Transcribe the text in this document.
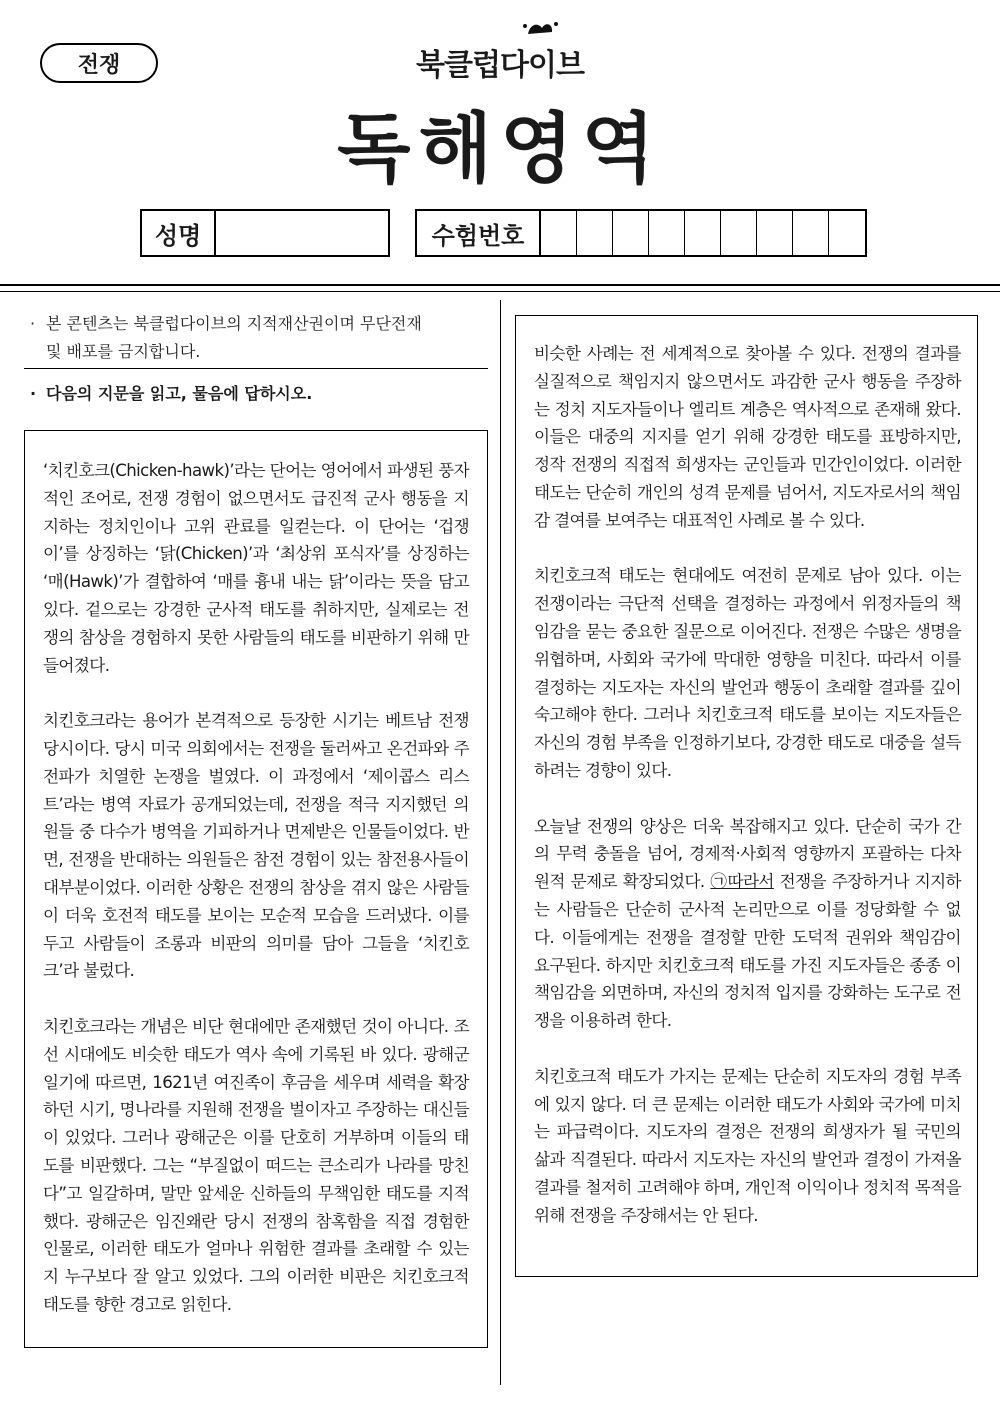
전쟁	북클럽다이브
독해영역
성명	수험번호
· 본 콘텐츠는 북클럽다이브의 지적재산권이며 무단전재
및 배포를 금지합니다.
· 다음의 지문을 읽고, 물음에 답하시오.

‘치킨호크(Chicken-hawk)’라는 단어는 영어에서 파생된 풍자적인 조어로, 전쟁 경험이 없으면서도 급진적 군사 행동을 지지하는 정치인이나 고위 관료를 일컫는다. 이 단어는 ‘겁쟁이’를 상징하는 ‘닭(Chicken)’과 ‘최상위 포식자’를 상징하는 ‘매(Hawk)’가 결합하여 ‘매를 흉내 내는 닭’이라는 뜻을 담고 있다. 겉으로는 강경한 군사적 태도를 취하지만, 실제로는 전쟁의 참상을 경험하지 못한 사람들의 태도를 비판하기 위해 만들어졌다.

치킨호크라는 용어가 본격적으로 등장한 시기는 베트남 전쟁 당시이다. 당시 미국 의회에서는 전쟁을 둘러싸고 온건파와 주전파가 치열한 논쟁을 벌였다. 이 과정에서 ‘제이콥스 리스트’라는 병역 자료가 공개되었는데, 전쟁을 적극 지지했던 의원들 중 다수가 병역을 기피하거나 면제받은 인물들이었다. 반면, 전쟁을 반대하는 의원들은 참전 경험이 있는 참전용사들이 대부분이었다. 이러한 상황은 전쟁의 참상을 겪지 않은 사람들이 더욱 호전적 태도를 보이는 모순적 모습을 드러냈다. 이를 두고 사람들이 조롱과 비판의 의미를 담아 그들을 ‘치킨호크’라 불렀다.

치킨호크라는 개념은 비단 현대에만 존재했던 것이 아니다. 조선 시대에도 비슷한 태도가 역사 속에 기록된 바 있다. 광해군일기에 따르면, 1621년 여진족이 후금을 세우며 세력을 확장하던 시기, 명나라를 지원해 전쟁을 벌이자고 주장하는 대신들이 있었다. 그러나 광해군은 이를 단호히 거부하며 이들의 태도를 비판했다. 그는 “부질없이 떠드는 큰소리가 나라를 망친다”고 일갈하며, 말만 앞세운 신하들의 무책임한 태도를 지적했다. 광해군은 임진왜란 당시 전쟁의 참혹함을 직접 경험한 인물로, 이러한 태도가 얼마나 위험한 결과를 초래할 수 있는지 누구보다 잘 알고 있었다. 그의 이러한 비판은 치킨호크적 태도를 향한 경고로 읽힌다.

비슷한 사례는 전 세계적으로 찾아볼 수 있다. 전쟁의 결과를 실질적으로 책임지지 않으면서도 과감한 군사 행동을 주장하는 정치 지도자들이나 엘리트 계층은 역사적으로 존재해 왔다. 이들은 대중의 지지를 얻기 위해 강경한 태도를 표방하지만, 정작 전쟁의 직접적 희생자는 군인들과 민간인이었다. 이러한 태도는 단순히 개인의 성격 문제를 넘어서, 지도자로서의 책임감 결여를 보여주는 대표적인 사례로 볼 수 있다.

치킨호크적 태도는 현대에도 여전히 문제로 남아 있다. 이는 전쟁이라는 극단적 선택을 결정하는 과정에서 위정자들의 책임감을 묻는 중요한 질문으로 이어진다. 전쟁은 수많은 생명을 위협하며, 사회와 국가에 막대한 영향을 미친다. 따라서 이를 결정하는 지도자는 자신의 발언과 행동이 초래할 결과를 깊이 숙고해야 한다. 그러나 치킨호크적 태도를 보이는 지도자들은 자신의 경험 부족을 인정하기보다, 강경한 태도로 대중을 설득하려는 경향이 있다.

오늘날 전쟁의 양상은 더욱 복잡해지고 있다. 단순히 국가 간의 무력 충돌을 넘어, 경제적·사회적 영향까지 포괄하는 다차원적 문제로 확장되었다. ㉠따라서 전쟁을 주장하거나 지지하는 사람들은 단순히 군사적 논리만으로 이를 정당화할 수 없다. 이들에게는 전쟁을 결정할 만한 도덕적 권위와 책임감이 요구된다. 하지만 치킨호크적 태도를 가진 지도자들은 종종 이 책임감을 외면하며, 자신의 정치적 입지를 강화하는 도구로 전쟁을 이용하려 한다.

치킨호크적 태도가 가지는 문제는 단순히 지도자의 경험 부족에 있지 않다. 더 큰 문제는 이러한 태도가 사회와 국가에 미치는 파급력이다. 지도자의 결정은 전쟁의 희생자가 될 국민의 삶과 직결된다. 따라서 지도자는 자신의 발언과 결정이 가져올 결과를 철저히 고려해야 하며, 개인적 이익이나 정치적 목적을 위해 전쟁을 주장해서는 안 된다.
